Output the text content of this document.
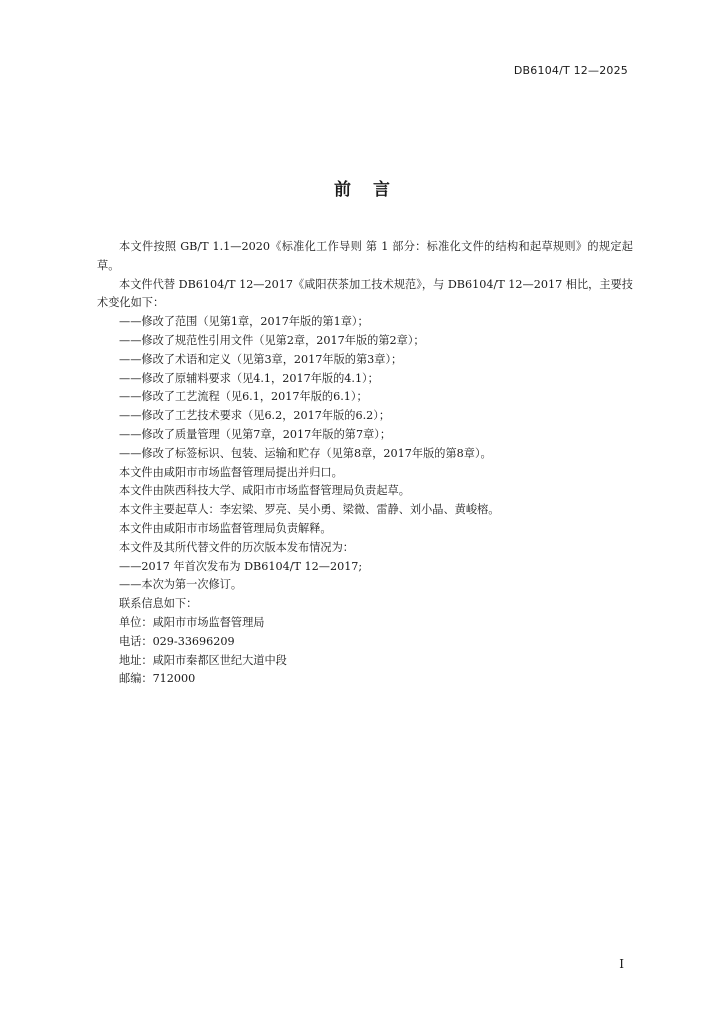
DB6104/T 12—2025
前言

本文件按照 GB/T 1.1—2020《标准化工作导则 第 1 部分：标准化文件的结构和起草规则》的规定起草。

本文件代替 DB6104/T 12—2017《咸阳茯茶加工技术规范》，与 DB6104/T 12—2017 相比，主要技术变化如下：

——修改了范围（见第1章，2017年版的第1章）；

——修改了规范性引用文件（见第2章，2017年版的第2章）；

——修改了术语和定义（见第3章，2017年版的第3章）；

——修改了原辅料要求（见4.1，2017年版的4.1）；

——修改了工艺流程（见6.1，2017年版的6.1）；

——修改了工艺技术要求（见6.2，2017年版的6.2）；

——修改了质量管理（见第7章，2017年版的第7章）；

——修改了标签标识、包装、运输和贮存（见第8章，2017年版的第8章）。

本文件由咸阳市市场监督管理局提出并归口。

本文件由陕西科技大学、咸阳市市场监督管理局负责起草。

本文件主要起草人：李宏梁、罗亮、吴小勇、梁微、雷静、刘小晶、黄峻榕。

本文件由咸阳市市场监督管理局负责解释。

本文件及其所代替文件的历次版本发布情况为：

——2017 年首次发布为 DB6104/T 12—2017;

——本次为第一次修订。

联系信息如下：

单位：咸阳市市场监督管理局

电话：029-33696209

地址：咸阳市秦都区世纪大道中段

邮编：712000

I
